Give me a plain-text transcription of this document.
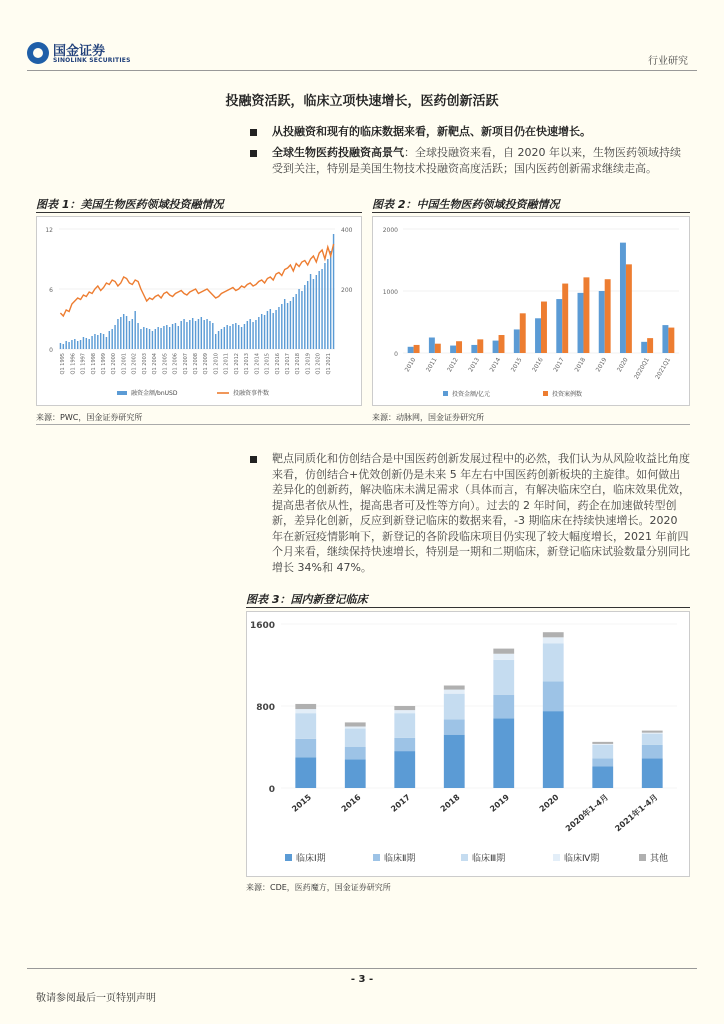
国金证券
SINOLINK SECURITIES	行业研究
投融资活跃，临床立项快速增长，医药创新活跃
从投融资和现有的临床数据来看，新靶点、新项目仍在快速增长。
全球生物医药投融资高景气：全球投融资来看，自 2020 年以来，生物医药领域持续受到关注，特别是美国生物技术投融资高度活跃；国内医药创新需求继续走高。
图表 1：美国生物医药领域投资融情况
0
6
12
200
400
Q1 1995 Q1 1996 Q1 1997 Q1 1998 Q1 1999 Q1 2000 Q1 2001 Q1 2002 Q1 2003 Q1 2004 Q1 2005 Q1 2006 Q1 2007 Q1 2008 Q1 2009 Q1 2010 Q1 2011 Q1 2012 Q1 2013 Q1 2014 Q1 2015 Q1 2016 Q1 2017 Q1 2018 Q1 2019 Q1 2020 Q1 2021
融资金额/bnUSD	投融资事件数
来源：PWC，国金证券研究所
图表 2：中国生物医药领域投资融情况
0
1000
2000
2010 2011 2012 2013 2014 2015 2016 2017 2018 2019 2020 2020Q1 2021Q1
投资金额/亿元	投资案例数
来源：动脉网，国金证券研究所
靶点同质化和仿创结合是中国医药创新发展过程中的必然，我们认为从风险收益比角度来看，仿创结合+优效创新仍是未来 5 年左右中国医药创新板块的主旋律。如何做出差异化的创新药，解决临床未满足需求（具体而言，有解决临床空白，临床效果优效，提高患者依从性，提高患者可及性等方向）。过去的 2 年时间，药企在加速做转型创新，差异化创新，反应到新登记临床的数据来看，-3 期临床在持续快速增长。2020 年在新冠疫情影响下，新登记的各阶段临床项目仍实现了较大幅度增长，2021 年前四个月来看，继续保持快速增长，特别是一期和二期临床，新登记临床试验数量分别同比增长 34%和 47%。
图表 3：国内新登记临床
0
800
1600
2015	2016	2017	2018	2019	2020 2020年1-4月 2021年1-4月
临床Ⅰ期	临床Ⅱ期	临床Ⅲ期	临床Ⅳ期	其他
来源：CDE，医药魔方，国金证券研究所
- 3 -
敬请参阅最后一页特别声明
